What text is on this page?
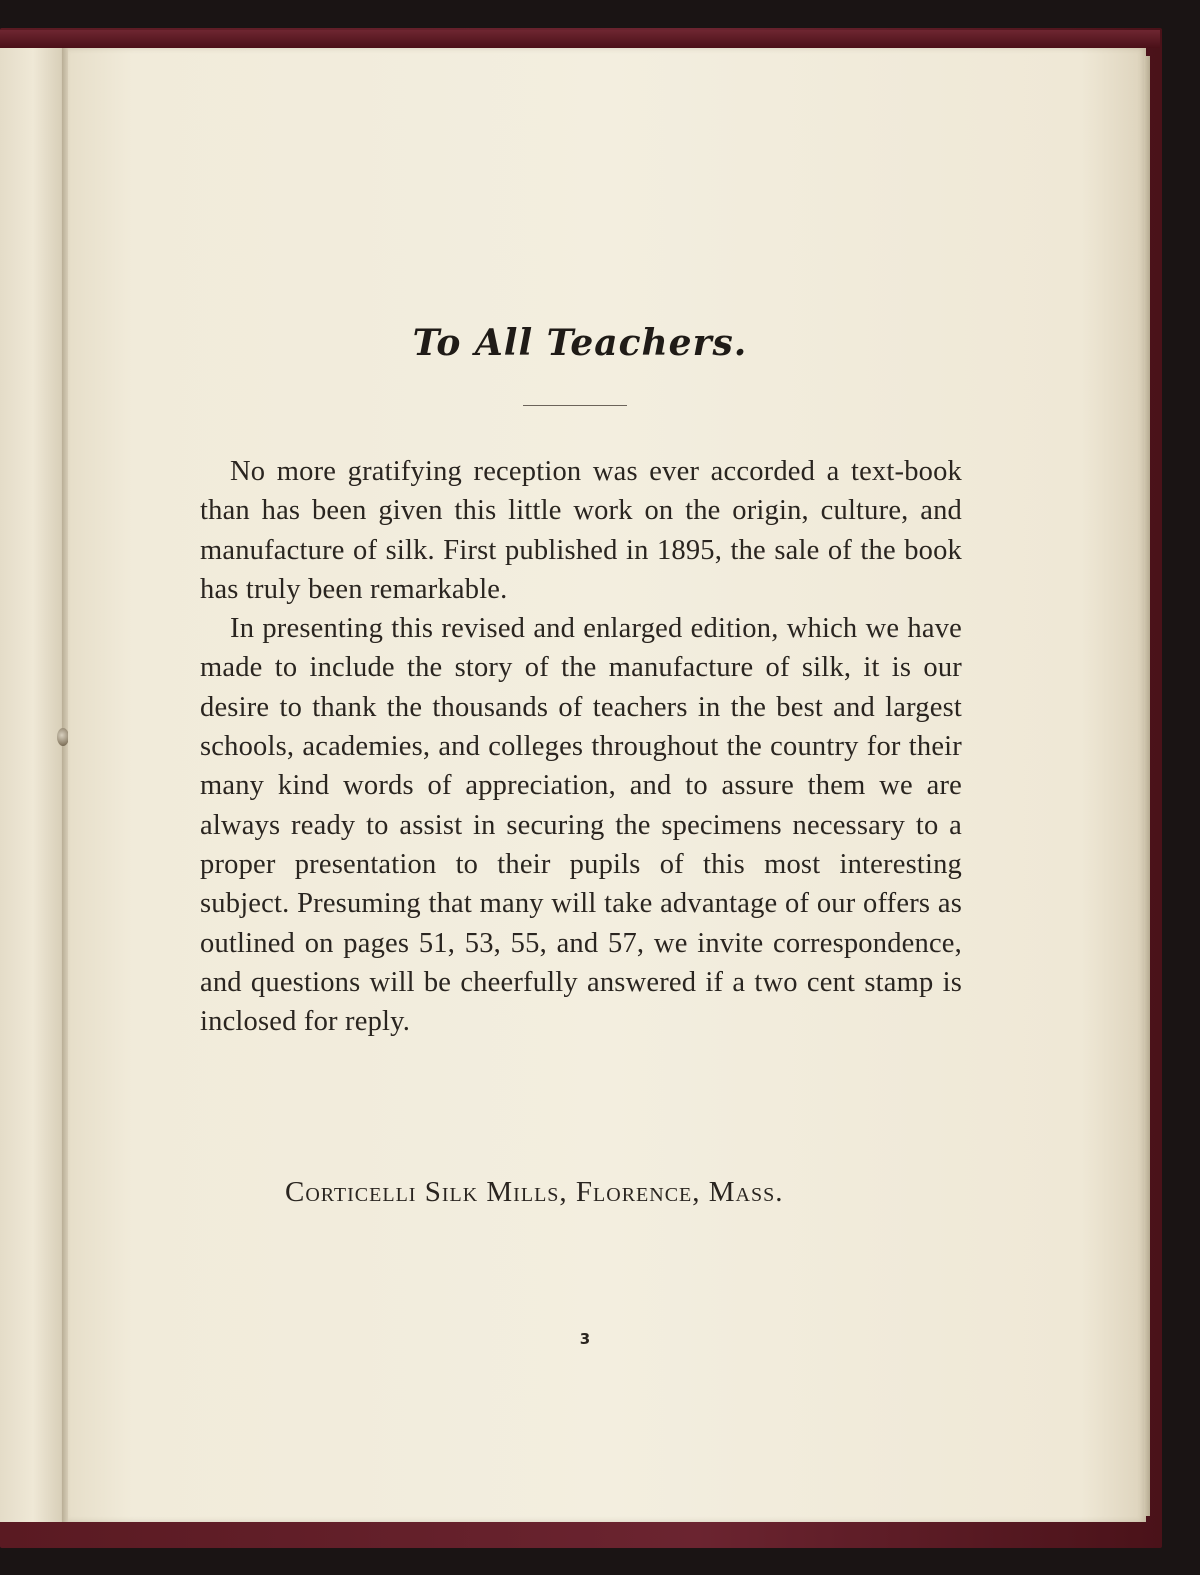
To All Teachers.

No more gratifying reception was ever accorded a text-book than has been given this little work on the origin, culture, and manufacture of silk. First published in 1895, the sale of the book has truly been remarkable.

In presenting this revised and enlarged edition, which we have made to include the story of the manufacture of silk, it is our desire to thank the thousands of teachers in the best and largest schools, academies, and colleges throughout the country for their many kind words of appreciation, and to assure them we are always ready to assist in securing the specimens necessary to a proper presentation to their pupils of this most interesting subject. Presuming that many will take advantage of our offers as outlined on pages 51, 53, 55, and 57, we invite correspondence, and questions will be cheerfully answered if a two cent stamp is inclosed for reply.

Corticelli Silk Mills, Florence, Mass.
3
